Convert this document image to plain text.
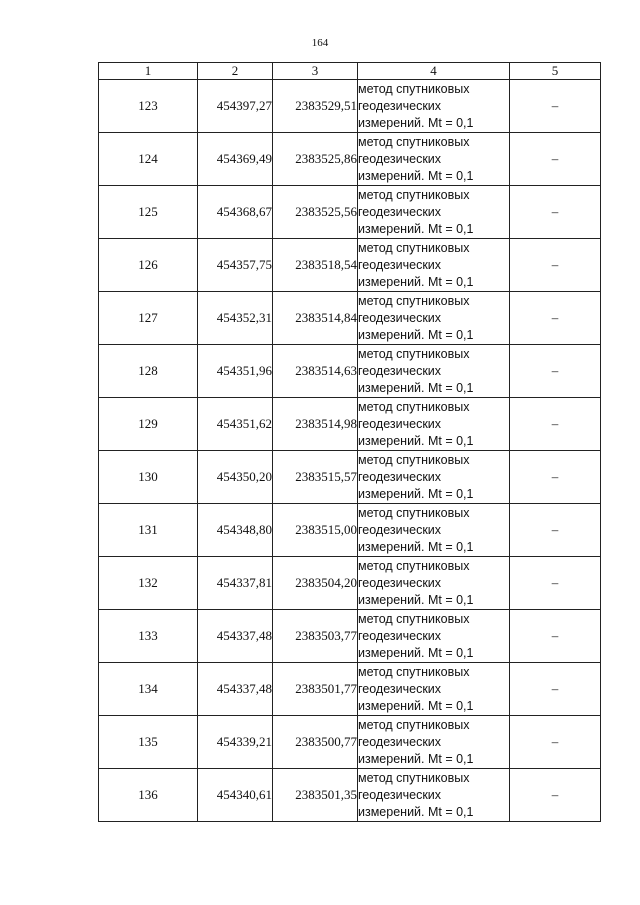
164
1	2	3	4	5
123	454397,27	2383529,51	метод спутниковых
геодезических
измерений. Mt = 0,1	–
124	454369,49	2383525,86	метод спутниковых
геодезических
измерений. Mt = 0,1	–
125	454368,67	2383525,56	метод спутниковых
геодезических
измерений. Mt = 0,1	–
126	454357,75	2383518,54	метод спутниковых
геодезических
измерений. Mt = 0,1	–
127	454352,31	2383514,84	метод спутниковых
геодезических
измерений. Mt = 0,1	–
128	454351,96	2383514,63	метод спутниковых
геодезических
измерений. Mt = 0,1	–
129	454351,62	2383514,98	метод спутниковых
геодезических
измерений. Mt = 0,1	–
130	454350,20	2383515,57	метод спутниковых
геодезических
измерений. Mt = 0,1	–
131	454348,80	2383515,00	метод спутниковых
геодезических
измерений. Mt = 0,1	–
132	454337,81	2383504,20	метод спутниковых
геодезических
измерений. Mt = 0,1	–
133	454337,48	2383503,77	метод спутниковых
геодезических
измерений. Mt = 0,1	–
134	454337,48	2383501,77	метод спутниковых
геодезических
измерений. Mt = 0,1	–
135	454339,21	2383500,77	метод спутниковых
геодезических
измерений. Mt = 0,1	–
136	454340,61	2383501,35	метод спутниковых
геодезических
измерений. Mt = 0,1	–
